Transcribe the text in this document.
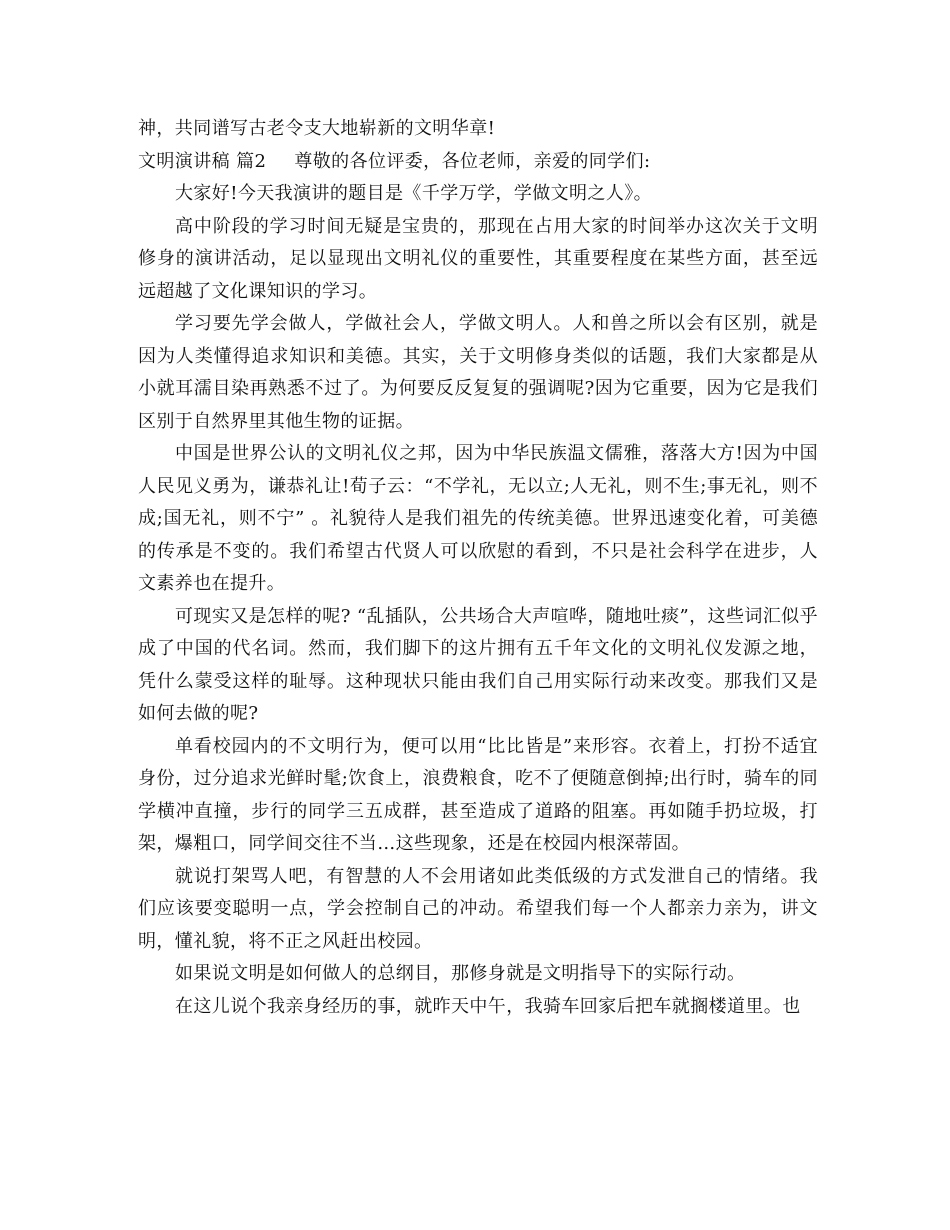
神，共同谱写古老令支大地崭新的文明华章!

文明演讲稿 篇2 尊敬的各位评委，各位老师，亲爱的同学们:

大家好!今天我演讲的题目是《千学万学，学做文明之人》。

高中阶段的学习时间无疑是宝贵的，那现在占用大家的时间举办这次关于文明修身的演讲活动，足以显现出文明礼仪的重要性，其重要程度在某些方面，甚至远远超越了文化课知识的学习。

学习要先学会做人，学做社会人，学做文明人。人和兽之所以会有区别，就是因为人类懂得追求知识和美德。其实，关于文明修身类似的话题，我们大家都是从小就耳濡目染再熟悉不过了。为何要反反复复的强调呢?因为它重要，因为它是我们区别于自然界里其他生物的证据。

中国是世界公认的文明礼仪之邦，因为中华民族温文儒雅，落落大方!因为中国人民见义勇为，谦恭礼让!荀子云：“不学礼，无以立;人无礼，则不生;事无礼，则不成;国无礼，则不宁” 。礼貌待人是我们祖先的传统美德。世界迅速变化着，可美德的传承是不变的。我们希望古代贤人可以欣慰的看到，不只是社会科学在进步，人文素养也在提升。

可现实又是怎样的呢? “乱插队，公共场合大声喧哗，随地吐痰”，这些词汇似乎成了中国的代名词。然而，我们脚下的这片拥有五千年文化的文明礼仪发源之地，凭什么蒙受这样的耻辱。这种现状只能由我们自己用实际行动来改变。那我们又是如何去做的呢?

单看校园内的不文明行为，便可以用“比比皆是”来形容。衣着上，打扮不适宜身份，过分追求光鲜时髦;饮食上，浪费粮食，吃不了便随意倒掉;出行时，骑车的同学横冲直撞，步行的同学三五成群，甚至造成了道路的阻塞。再如随手扔垃圾，打架，爆粗口，同学间交往不当…这些现象，还是在校园内根深蒂固。

就说打架骂人吧，有智慧的人不会用诸如此类低级的方式发泄自己的情绪。我们应该要变聪明一点，学会控制自己的冲动。希望我们每一个人都亲力亲为，讲文明，懂礼貌，将不正之风赶出校园。

如果说文明是如何做人的总纲目，那修身就是文明指导下的实际行动。

在这儿说个我亲身经历的事，就昨天中午，我骑车回家后把车就搁楼道里。也
